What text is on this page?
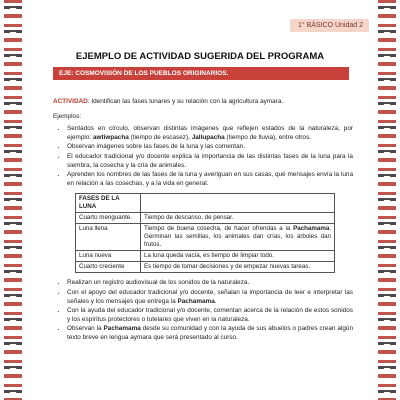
1° BÁSICO Unidad 2
EJEMPLO DE ACTIVIDAD SUGERIDA DEL PROGRAMA
EJE: COSMOVISIÓN DE LOS PUEBLOS ORIGINARIOS.

ACTIVIDAD: Identifican las fases lunares y su relación con la agricultura aymara.

Ejemplos:

• Sentados en círculo, observan distintas imágenes que reflejen estados de la naturaleza, por ejemplo: awtiwpacha (tiempo de escasez), Jallupacha (tiempo de lluvia), entre otros.
• Observan imágenes sobre las fases de la luna y las comentan.
• El educador tradicional y/o docente explica la importancia de las distintas fases de la luna para la siembra, la cosecha y la cría de animales.
• Aprenden los nombres de las fases de la luna y averiguan en sus casas, qué mensajes envía la luna en relación a las cosechas, y a la vida en general.
FASES DE LA LUNA	
Cuarto menguante.	Tiempo de descanso, de pensar.
Luna llena	Tiempo de buena cosecha, de hacer ofrendas a la Pachamama. Germinan las semillas, los animales dan crías, los árboles dan frutos.
Luna nueva	La luna queda vacía, es tiempo de limpiar todo.
Cuarto creciente	Es tiempo de tomar decisiones y de empezar nuevas tareas.
• Realizan un registro audiovisual de los sonidos de la naturaleza.
• Con el apoyo del educador tradicional y/o docente, señalan la importancia de leer e interpretar las señales y los mensajes que entrega la Pachamama.
• Con la ayuda del educador tradicional y/o docente, comentan acerca de la relación de estos sonidos y los espíritus protectores o tutelares que viven en la naturaleza.
• Observan la Pachamama desde su comunidad y con la ayuda de sus abuelos o padres crean algún texto breve en lengua aymara que será presentado al curso.
